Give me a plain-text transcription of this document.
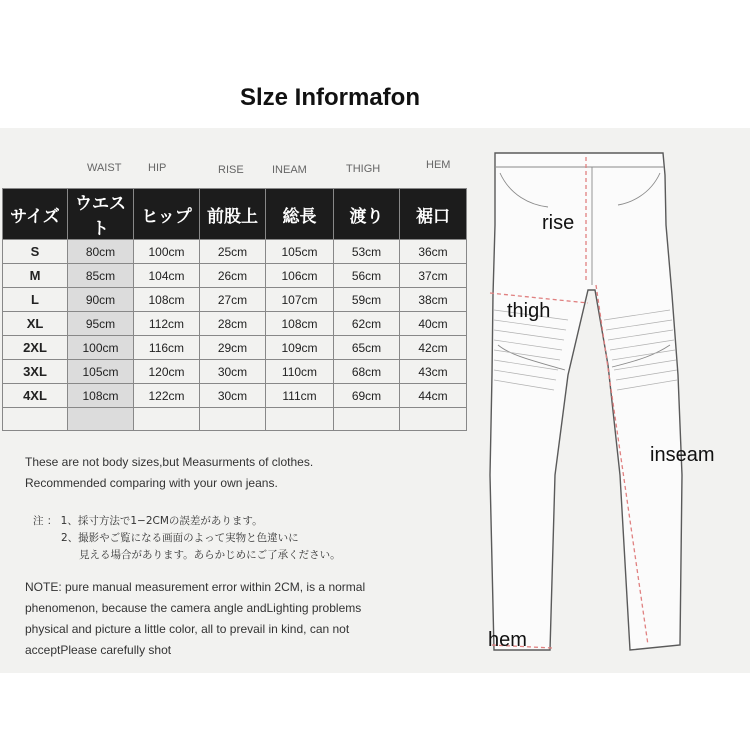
Slze Informafon
WAIST HIP	RISE	INEAM	THIGH	HEM
サイズ	ウエスト	ヒップ	前股上	総長	渡り	裾口
S	80cm	100cm	25cm	105cm	53cm	36cm
M	85cm	104cm	26cm	106cm	56cm	37cm
L	90cm	108cm	27cm	107cm	59cm	38cm
XL	95cm	112cm	28cm	108cm	62cm	40cm
2XL	100cm	116cm	29cm	109cm	65cm	42cm
3XL	105cm	120cm	30cm	110cm	68cm	43cm
4XL	108cm	122cm	30cm	111cm	69cm	44cm

These are not body sizes,but Measurments of clothes.
Recommended comparing with your own jeans.
注 ： 1、採寸方法で1−2CMの誤差があります。
2、撮影やご覧になる画面のよって実物と色違いに
見える場合があります。あらかじめにご了承ください。
NOTE: pure manual measurement error within 2CM, is a normal
phenomenon, because the camera angle andLighting problems
physical and picture a little color, all to prevail in kind, can not
acceptPlease carefully shot
rise
thigh
inseam
hem
